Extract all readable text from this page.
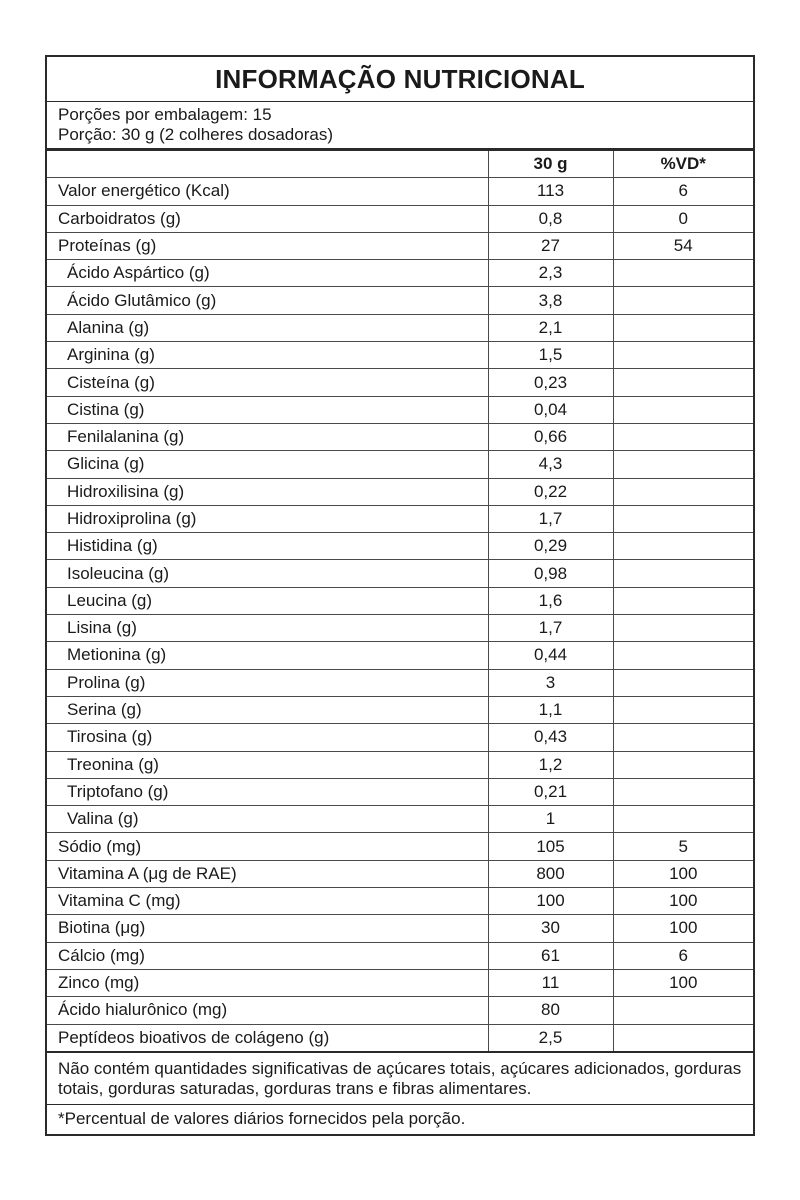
INFORMAÇÃO NUTRICIONAL
Porções por embalagem: 15
Porção: 30 g (2 colheres dosadoras)
	30 g	%VD*
Valor energético (Kcal)	113	6
Carboidratos (g)	0,8	0
Proteínas (g)	27	54
Ácido Aspártico (g)	2,3	
Ácido Glutâmico (g)	3,8	
Alanina (g)	2,1	
Arginina (g)	1,5	
Cisteína (g)	0,23	
Cistina (g)	0,04	
Fenilalanina (g)	0,66	
Glicina (g)	4,3	
Hidroxilisina (g)	0,22	
Hidroxiprolina (g)	1,7	
Histidina (g)	0,29	
Isoleucina (g)	0,98	
Leucina (g)	1,6	
Lisina (g)	1,7	
Metionina (g)	0,44	
Prolina (g)	3	
Serina (g)	1,1	
Tirosina (g)	0,43	
Treonina (g)	1,2	
Triptofano (g)	0,21	
Valina (g)	1	
Sódio (mg)	105	5
Vitamina A (μg de RAE)	800	100
Vitamina C (mg)	100	100
Biotina (μg)	30	100
Cálcio (mg)	61	6
Zinco (mg)	11	100
Ácido hialurônico (mg)	80	
Peptídeos bioativos de colágeno (g)	2,5	
Não contém quantidades significativas de açúcares totais, açúcares adicionados, gorduras totais, gorduras saturadas, gorduras trans e fibras alimentares.
*Percentual de valores diários fornecidos pela porção.
